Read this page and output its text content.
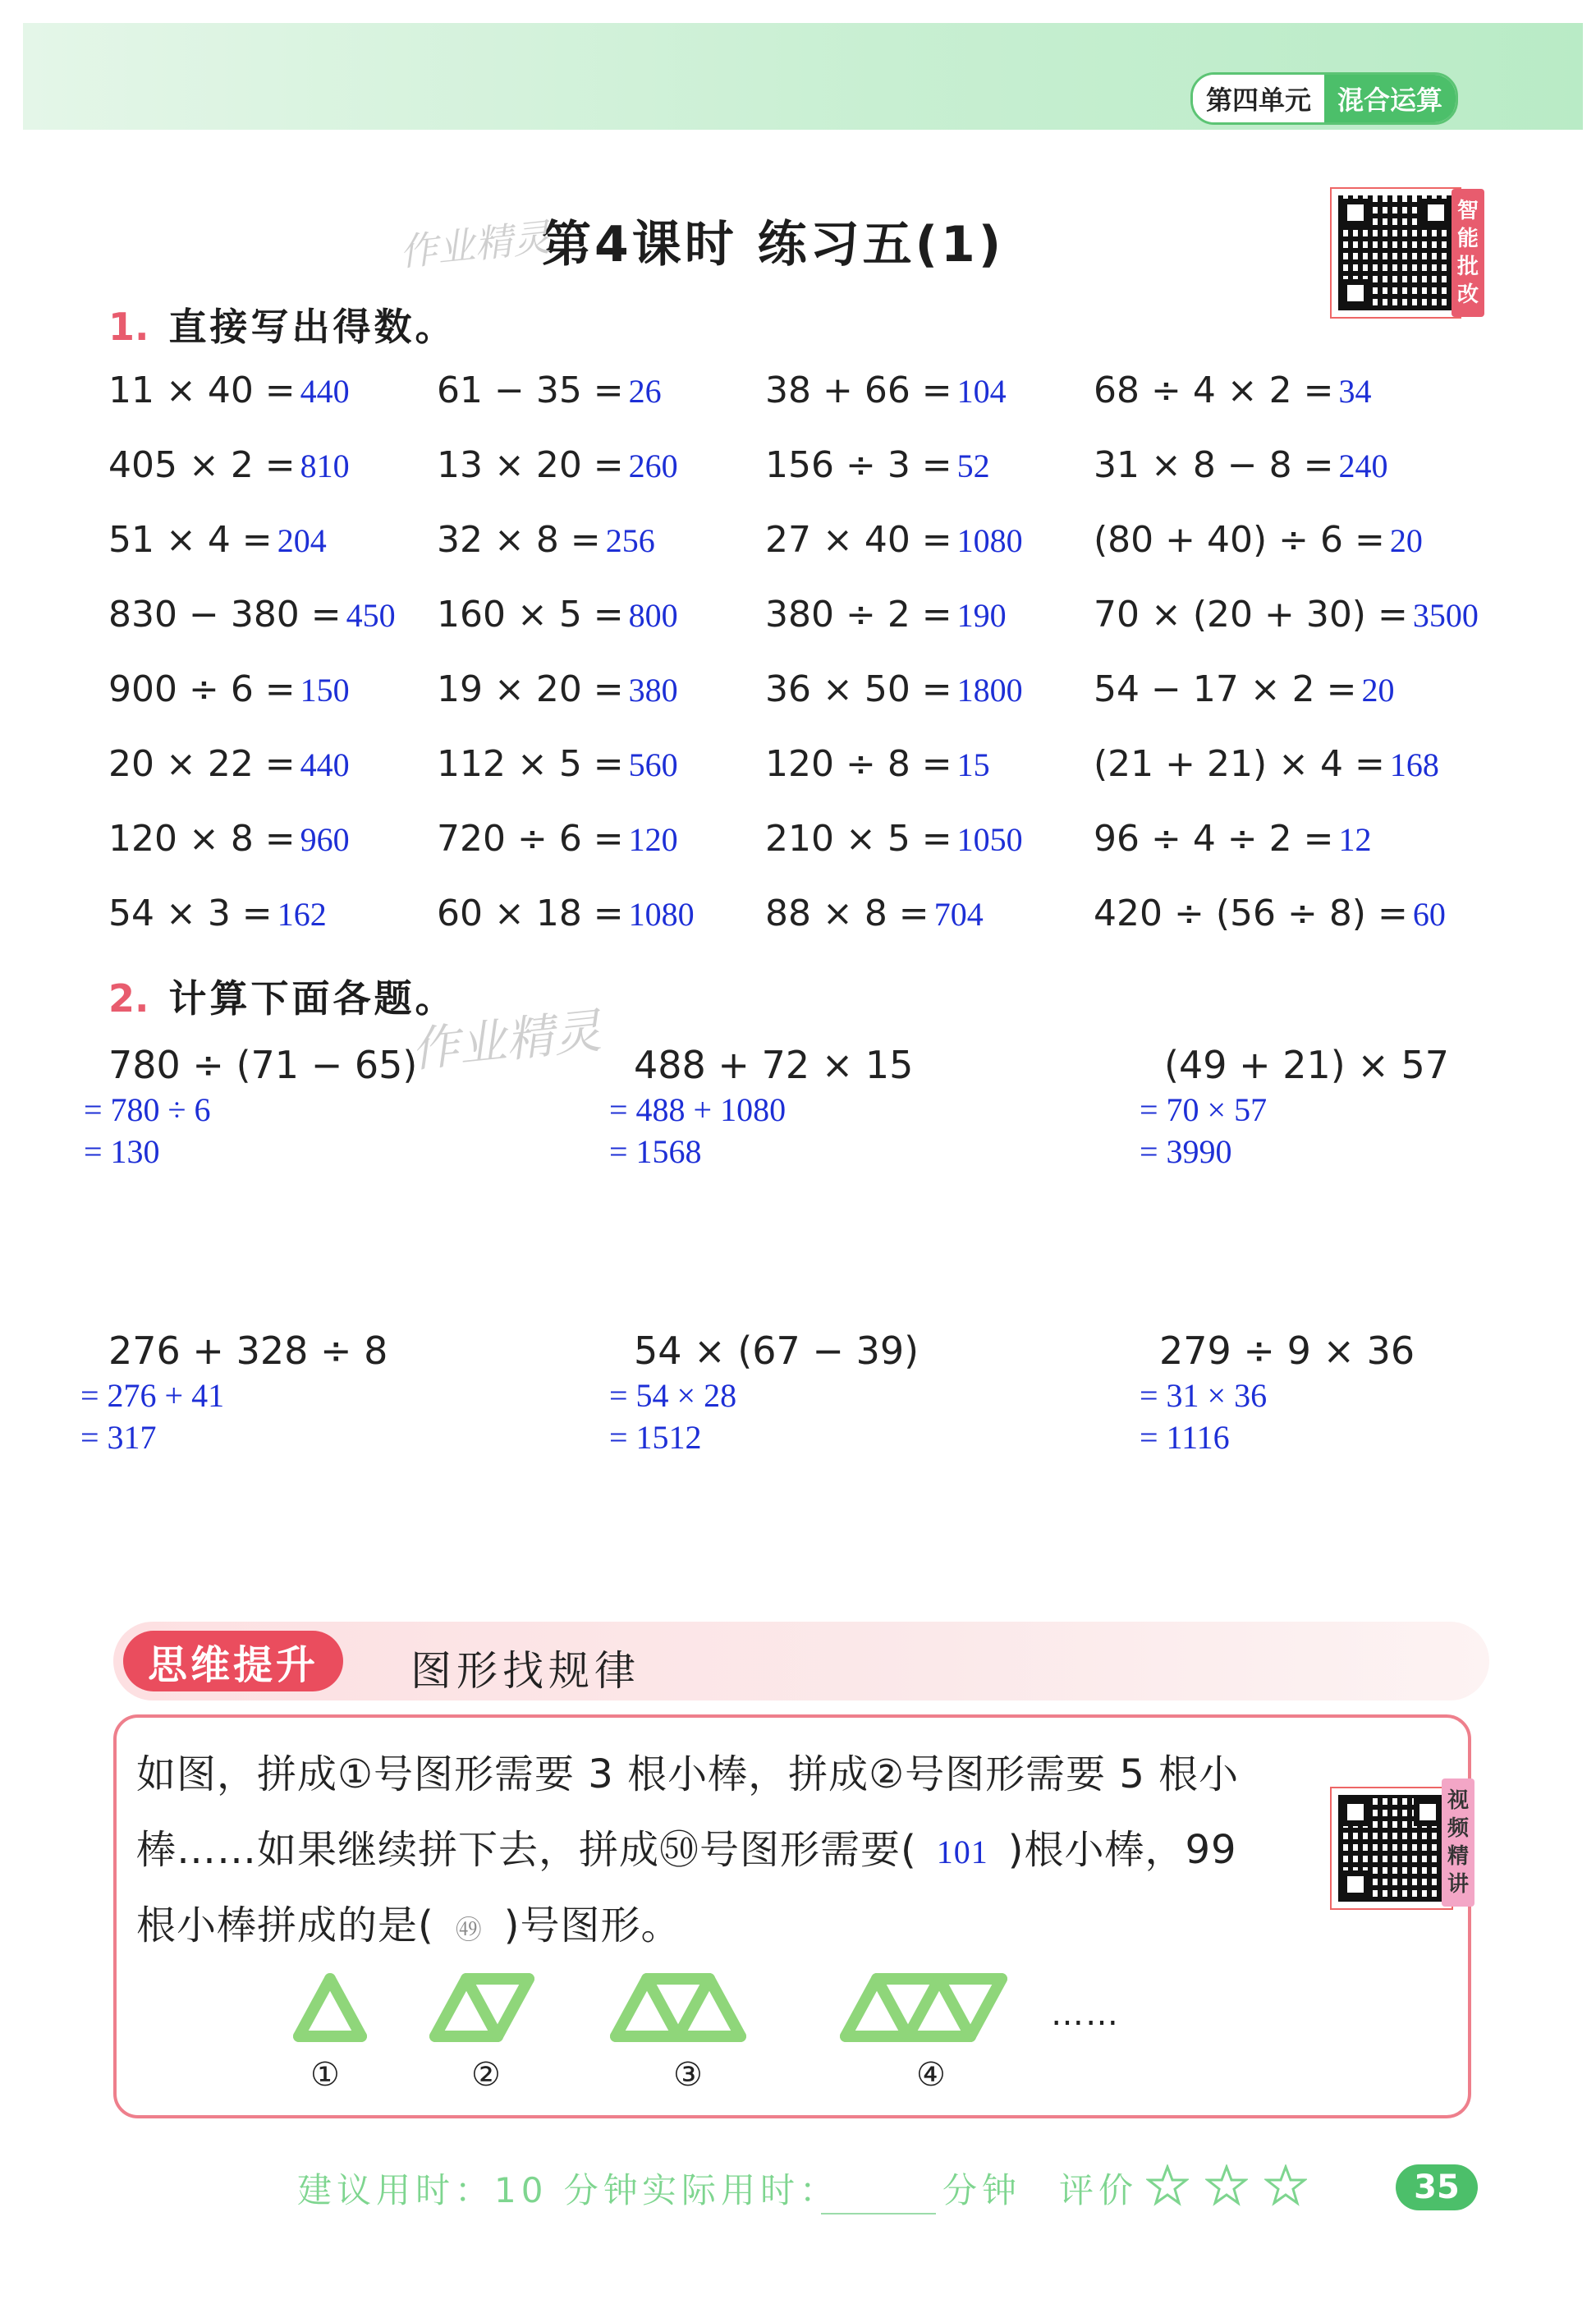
第四单元	混合运算
第4课时 练习五(1)
作业精灵
智
能
批
改
1. 直接写出得数。
11 × 40 = 440 61 − 35 = 26	38 + 66 = 104 68 ÷ 4 × 2 = 34
405 × 2 = 810 13 × 20 = 260 156 ÷ 3 = 52	31 × 8 − 8 = 240
51 × 4 = 204	32 × 8 = 256	27 × 40 = 1080 (80 + 40) ÷ 6 = 20
830 − 380 = 450 160 × 5 = 800 380 ÷ 2 = 190 70 × (20 + 30) = 3500
900 ÷ 6 = 150 19 × 20 = 380 36 × 50 = 1800 54 − 17 × 2 = 20
20 × 22 = 440 112 × 5 = 560 120 ÷ 8 = 15	(21 + 21) × 4 = 168
120 × 8 = 960 720 ÷ 6 = 120 210 × 5 = 1050 96 ÷ 4 ÷ 2 = 12
54 × 3 = 162	60 × 18 = 1080 88 × 8 = 704	420 ÷ (56 ÷ 8) = 60
2. 计算下面各题。
作业精灵
780 ÷ (71 − 65)
= 780 ÷ 6
= 130
488 + 72 × 15
= 488 + 1080
= 1568
(49 + 21) × 57
= 70 × 57
= 3990
276 + 328 ÷ 8
= 276 + 41
= 317
54 × (67 − 39)
= 54 × 28
= 1512
279 ÷ 9 × 36
= 31 × 36
= 1116
思维提升	图形找规律
如图，拼成①号图形需要 3 根小棒，拼成②号图形需要 5 根小
棒……如果继续拼下去，拼成㊿号图形需要( 101 )根小棒，99
根小棒拼成的是( ㊾ )号图形。
视
频
精
讲
①	②	③	④
……
建议用时：10 分钟 实际用时：	分钟 评价	35
